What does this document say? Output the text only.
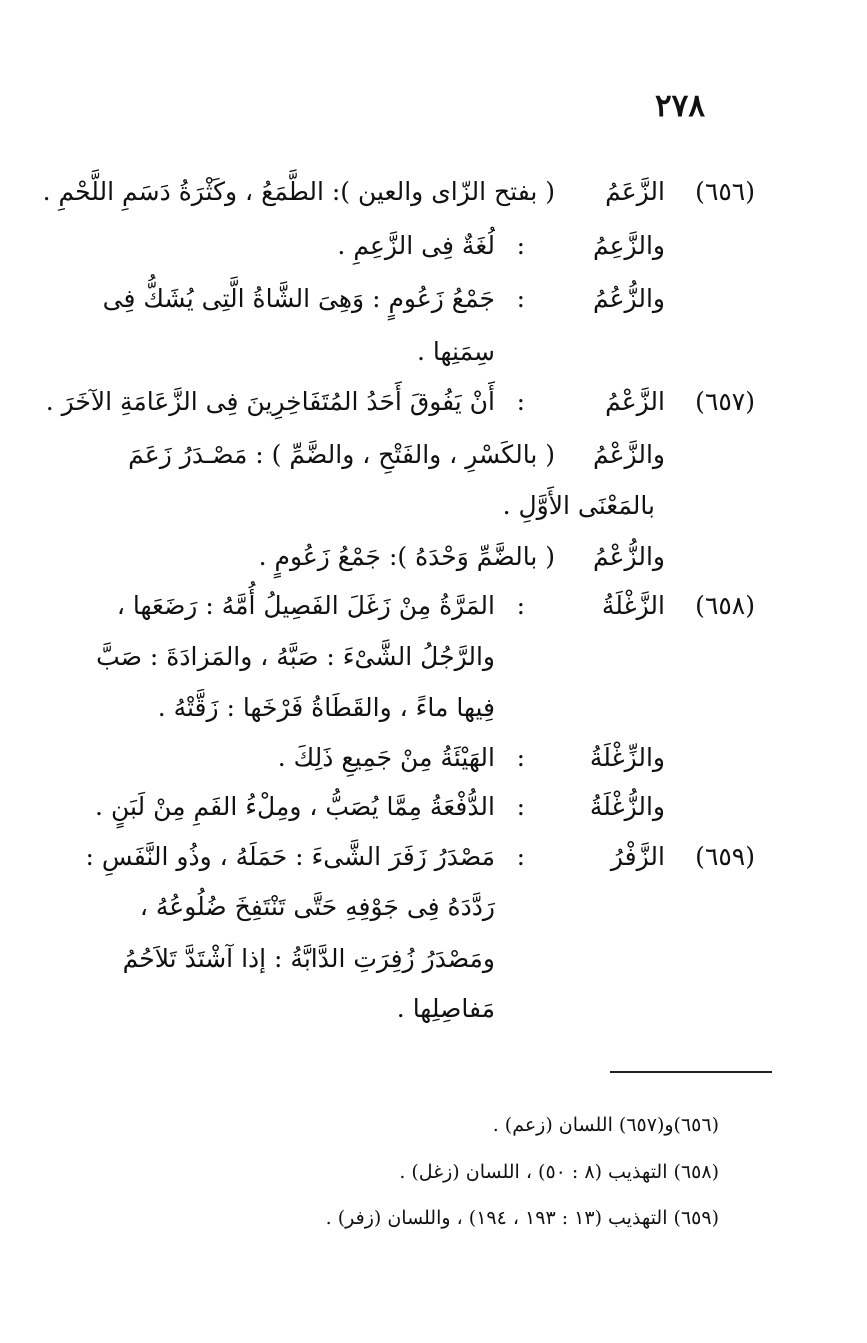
٢٧٨
(٦٥٦)
الزَّعَمُ
( بفتح الزّاى والعين ): الطَّمَعُ ، وكَثْرَةُ دَسَمِ اللَّحْمِ .
والزَّعِمُ
:
لُغَةٌ فِى الزَّعِمِ .
والزُّعُمُ
:
جَمْعُ زَعُومٍ : وَهِىَ الشَّاةُ الَّتِى يُشَكُّ فِى
سِمَنِها .
(٦٥٧)
الزَّعْمُ
:
أَنْ يَفُوقَ أَحَدُ المُتَفَاخِرِينَ فِى الزَّعَامَةِ الآخَرَ .
والزَّعْمُ
( بالكَسْرِ ، والفَتْحِ ، والضَّمِّ ) : مَصْـدَرُ زَعَمَ
بالمَعْنَى الأَوَّلِ .
والزُّعْمُ
( بالضَّمِّ وَحْدَهُ ): جَمْعُ زَعُومٍ .
(٦٥٨)
الزَّغْلَةُ
:
المَرَّةُ مِنْ زَغَلَ الفَصِيلُ أُمَّهُ : رَضَعَها ،
والرَّجُلُ الشَّىْءَ : صَبَّهُ ، والمَزادَةَ : صَبَّ
فِيها ماءً ، والقَطَاةُ فَرْخَها : زَقَّتْهُ .
والزِّغْلَةُ
:
الهَيْئَةُ مِنْ جَمِيعِ ذَلِكَ .
والزُّغْلَةُ
:
الدُّفْعَةُ مِمَّا يُصَبُّ ، ومِلْءُ الفَمِ مِنْ لَبَنٍ .
(٦٥٩)
الزَّفْرُ
:
مَصْدَرُ زَفَرَ الشَّىءَ : حَمَلَهُ ، وذُو النَّفَسِ :
رَدَّدَهُ فِى جَوْفِهِ حَتَّى تَنْتَفِخَ ضُلُوعُهُ ،
ومَصْدَرُ زُفِرَتِ الدَّابَّةُ : إذا آشْتَدَّ تَلاَحُمُ
مَفاصِلِها .
(٦٥٦)و(٦٥٧) اللسان (زعم) .
(٦٥٨) التهذيب (٨ : ٥٠) ، اللسان (زغل) .
(٦٥٩) التهذيب (١٣ : ١٩٣ ، ١٩٤) ، واللسان (زفر) .
